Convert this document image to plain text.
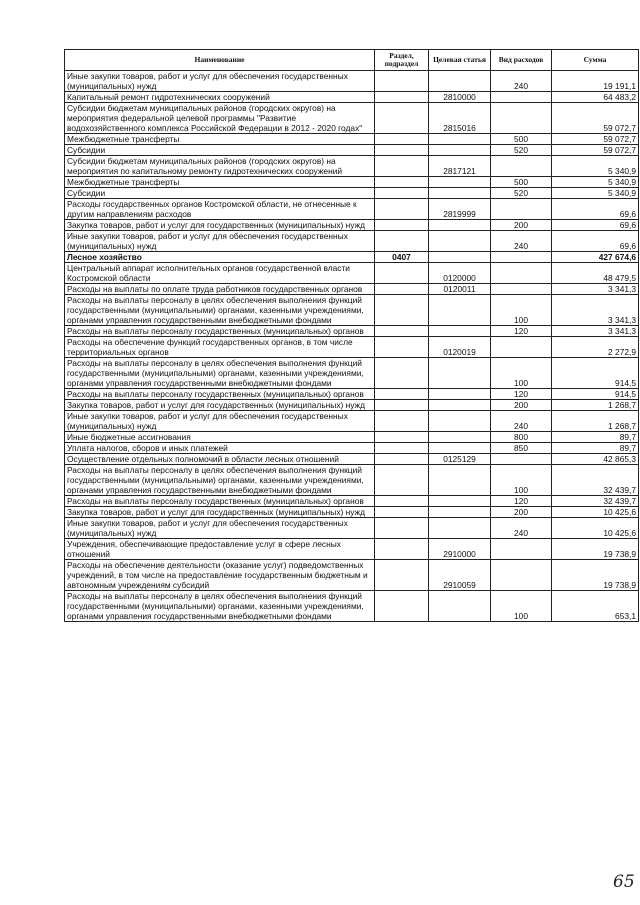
Наименование	Раздел, подраздел	Целевая статья	Вид расходов	Сумма
Иные закупки товаров, работ и услуг для обеспечения государственных (муниципальных) нужд			240	19 191,1
Капитальный ремонт гидротехнических сооружений		2810000		64 483,2
Субсидии бюджетам муниципальных районов (городских округов) на мероприятия федеральной целевой программы "Развитие водохозяйственного комплекса Российской Федерации в 2012 - 2020 годах"		2815016		59 072,7
Межбюджетные трансферты			500	59 072,7
Субсидии			520	59 072,7
Субсидии бюджетам муниципальных районов (городских округов) на мероприятия по капитальному ремонту гидротехнических сооружений		2817121		5 340,9
Межбюджетные трансферты			500	5 340,9
Субсидии			520	5 340,9
Расходы государственных органов Костромской области, не отнесенные к другим направлениям расходов		2819999		69,6
Закупка товаров, работ и услуг для государственных (муниципальных) нужд			200	69,6
Иные закупки товаров, работ и услуг для обеспечения государственных (муниципальных) нужд			240	69,6
Лесное хозяйство	0407			427 674,6
Центральный аппарат исполнительных органов государственной власти Костромской области		0120000		48 479,5
Расходы на выплаты по оплате труда работников государственных органов		0120011		3 341,3
Расходы на выплаты персоналу в целях обеспечения выполнения функций государственными (муниципальными) органами, казенными учреждениями, органами управления государственными внебюджетными фондами			100	3 341,3
Расходы на выплаты персоналу государственных (муниципальных) органов			120	3 341,3
Расходы на обеспечение функций государственных органов, в том числе территориальных органов		0120019		2 272,9
Расходы на выплаты персоналу в целях обеспечения выполнения функций государственными (муниципальными) органами, казенными учреждениями, органами управления государственными внебюджетными фондами			100	914,5
Расходы на выплаты персоналу государственных (муниципальных) органов			120	914,5
Закупка товаров, работ и услуг для государственных (муниципальных) нужд			200	1 268,7
Иные закупки товаров, работ и услуг для обеспечения государственных (муниципальных) нужд			240	1 268,7
Иные бюджетные ассигнования			800	89,7
Уплата налогов, сборов и иных платежей			850	89,7
Осуществление отдельных полномочий в области лесных отношений		0125129		42 865,3
Расходы на выплаты персоналу в целях обеспечения выполнения функций государственными (муниципальными) органами, казенными учреждениями, органами управления государственными внебюджетными фондами			100	32 439,7
Расходы на выплаты персоналу государственных (муниципальных) органов			120	32 439,7
Закупка товаров, работ и услуг для государственных (муниципальных) нужд			200	10 425,6
Иные закупки товаров, работ и услуг для обеспечения государственных (муниципальных) нужд			240	10 425,6
Учреждения, обеспечивающие предоставление услуг в сфере лесных отношений		2910000		19 738,9
Расходы на обеспечение деятельности (оказание услуг) подведомственных учреждений, в том числе на предоставление государственным бюджетным и автономным учреждениям субсидий		2910059		19 738,9
Расходы на выплаты персоналу в целях обеспечения выполнения функций государственными (муниципальными) органами, казенными учреждениями, органами управления государственными внебюджетными фондами			100	653,1
65
